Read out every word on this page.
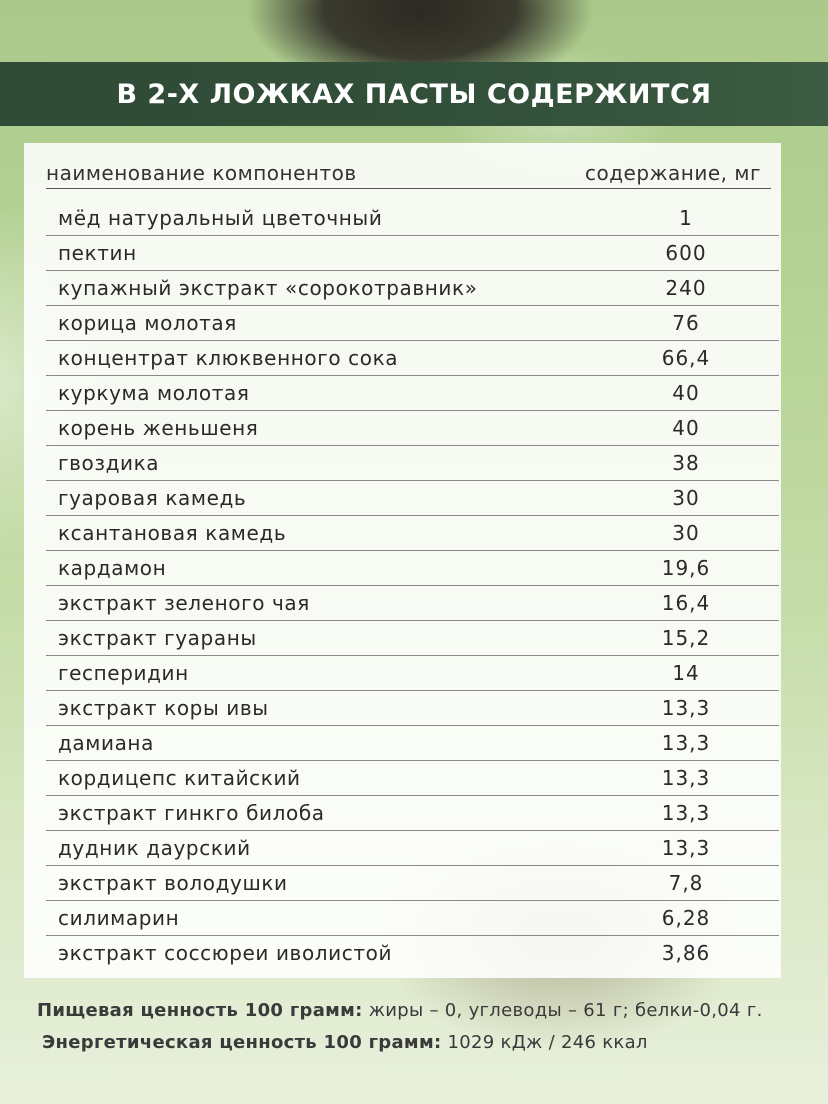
В 2-Х ЛОЖКАХ ПАСТЫ СОДЕРЖИТСЯ
наименование компонентов	содержание, мг
мёд натуральный цветочный	1
пектин	600
купажный экстракт «сорокотравник»	240
корица молотая	76
концентрат клюквенного сока	66,4
куркума молотая	40
корень женьшеня	40
гвоздика	38
гуаровая камедь	30
ксантановая камедь	30
кардамон	19,6
экстракт зеленого чая	16,4
экстракт гуараны	15,2
гесперидин	14
экстракт коры ивы	13,3
дамиана	13,3
кордицепс китайский	13,3
экстракт гинкго билоба	13,3
дудник даурский	13,3
экстракт володушки	7,8
силимарин	6,28
экстракт соссюреи иволистой	3,86
Пищевая ценность 100 грамм: жиры – 0, углеводы – 61 г; белки-0,04 г.
Энергетическая ценность 100 грамм: 1029 кДж / 246 ккал
